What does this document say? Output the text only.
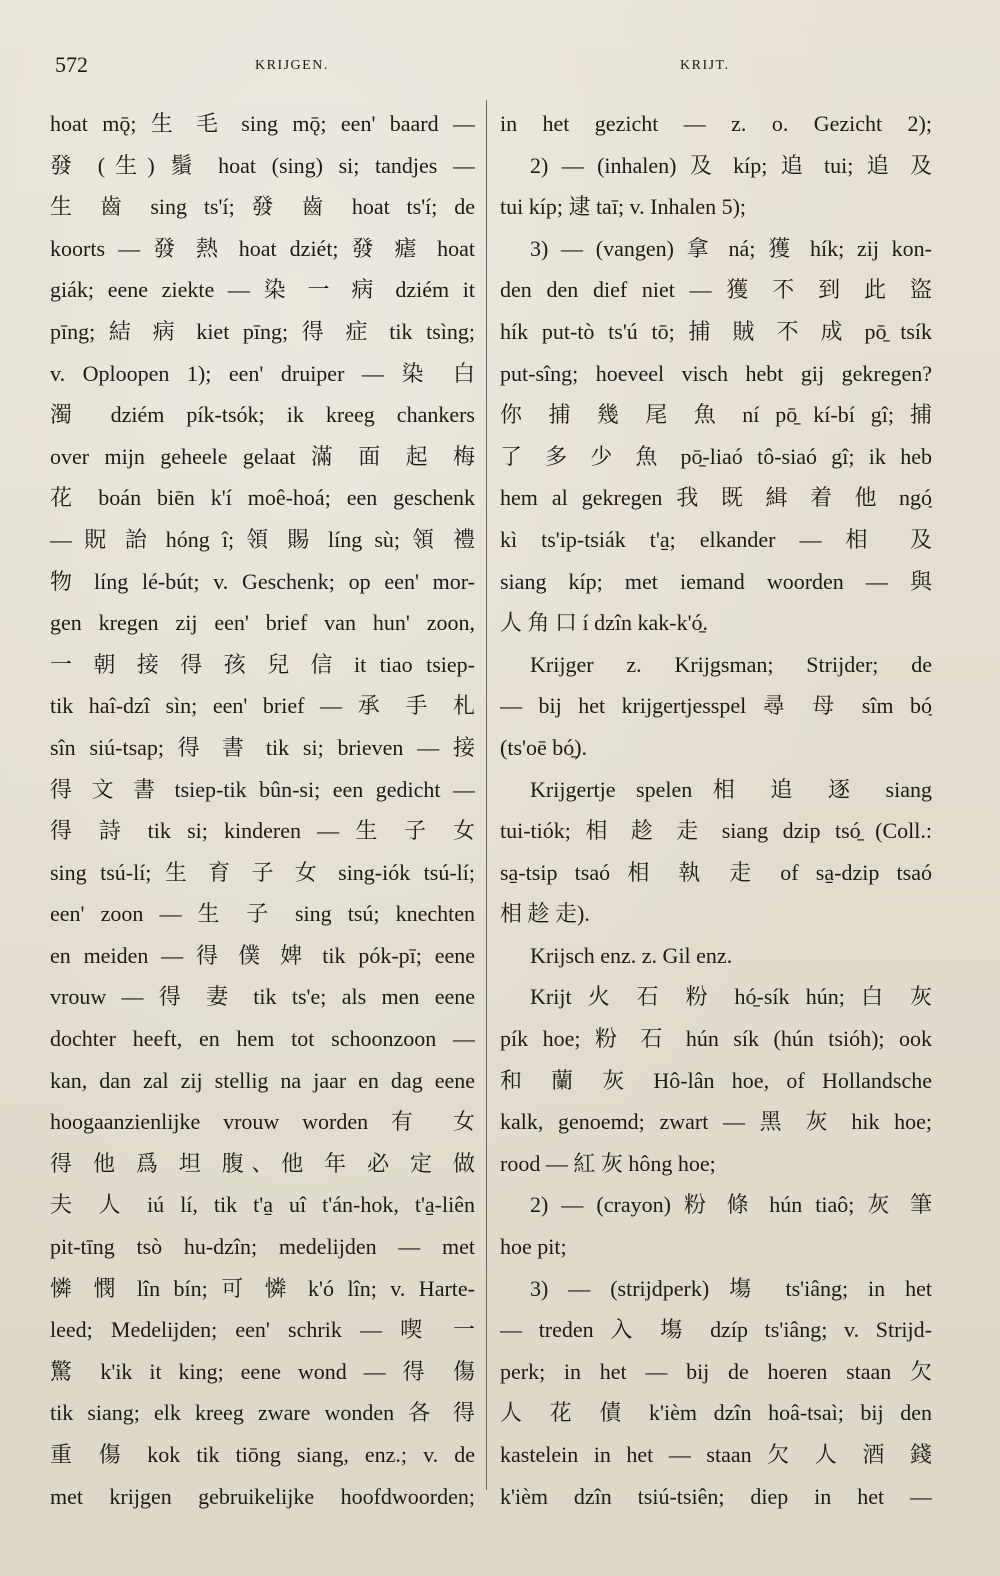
572	KRIJGEN.	KRIJT.
hoat mǭ; 生 毛 sing mǭ; een' baard —
發 (生) 鬚 hoat (sing) si; tandjes —
生 齒 sing ts'í; 發 齒 hoat ts'í; de
koorts — 發 熱 hoat dziét; 發 瘧 hoat
giák; eene ziekte — 染 一 病 dziém it
pīng; 結 病 kiet pīng; 得 症 tik tsìng;
v. Oploopen 1); een' druiper — 染 白
濁 dziém pík-tsók; ik kreeg chankers
over mijn geheele gelaat 滿 面 起 梅
花 boán biēn k'í moê-hoá; een geschenk
— 貺 詒 hóng î; 領 賜 líng sù; 領 禮
物 líng lé-bút; v. Geschenk; op een' mor-
gen kregen zij een' brief van hun' zoon,
一 朝 接 得 孩 兒 信 it tiao tsiep-
tik haî-dzî sìn; een' brief — 承 手 札
sîn siú-tsap; 得 書 tik si; brieven — 接
得 文 書 tsiep-tik bûn-si; een gedicht —
得 詩 tik si; kinderen — 生 子 女
sing tsú-lí; 生 育 子 女 sing-iók tsú-lí;
een' zoon — 生 子 sing tsú; knechten
en meiden — 得 僕 婢 tik pók-pī; eene
vrouw — 得 妻 tik ts'e; als men eene
dochter heeft, en hem tot schoonzoon —
kan, dan zal zij stellig na jaar en dag eene
hoogaanzienlijke vrouw worden 有 女
得 他 爲 坦 腹、他 年 必 定 做
夫 人 iú lí, tik t'a̱ uî t'án-hok, t'a̱-liên
pit-tīng tsò hu-dzîn; medelijden — met
憐 憫 lîn bín; 可 憐 k'ó lîn; v. Harte-
leed; Medelijden; een' schrik — 喫 一
驚 k'ik it king; eene wond — 得 傷
tik siang; elk kreeg zware wonden 各 得
重 傷 kok tik tiōng siang, enz.; v. de
met krijgen gebruikelijke hoofdwoorden;
in het gezicht — z. o. Gezicht 2);
2) — (inhalen) 及 kíp; 追 tui; 追 及
tui kíp; 逮 taī; v. Inhalen 5);
3) — (vangen) 拿 ná; 獲 hík; zij kon-
den den dief niet — 獲 不 到 此 盜
hík put-tò ts'ú tō; 捕 賊 不 成 pō̱ tsík
put-sîng; hoeveel visch hebt gij gekregen?
你 捕 幾 尾 魚 ní pō̱ kí-bí gî; 捕
了 多 少 魚 pō̱-liaó tô-siaó gî; ik heb
hem al gekregen 我 既 緝 着 他 ngó̱
kì ts'ip-tsiák t'a̱; elkander — 相 及
siang kíp; met iemand woorden — 與
人 角 口 í dzîn kak-k'ó̱.
Krijger z. Krijgsman; Strijder; de
— bij het krijgertjesspel 尋 母 sîm bó̱
(ts'oē bó̱).
Krijgertje spelen 相 追 逐 siang
tui-tiók; 相 趁 走 siang dzip tsó̱ (Coll.:
sa̱-tsip tsaó 相 執 走 of sa̱-dzip tsaó
相 趁 走).
Krijsch enz. z. Gil enz.
Krijt 火 石 粉 hó̱-sík hún; 白 灰
pík hoe; 粉 石 hún sík (hún tsióh); ook
和 蘭 灰 Hô-lân hoe, of Hollandsche
kalk, genoemd; zwart — 黑 灰 hik hoe;
rood — 紅 灰 hông hoe;
2) — (crayon) 粉 條 hún tiaô; 灰 筆
hoe pit;
3) — (strijdperk) 塲 ts'iâng; in het
— treden 入 塲 dzíp ts'iâng; v. Strijd-
perk; in het — bij de hoeren staan 欠
人 花 債 k'ièm dzîn hoâ-tsaì; bij den
kastelein in het — staan 欠 人 酒 錢
k'ièm dzîn tsiú-tsiên; diep in het —
